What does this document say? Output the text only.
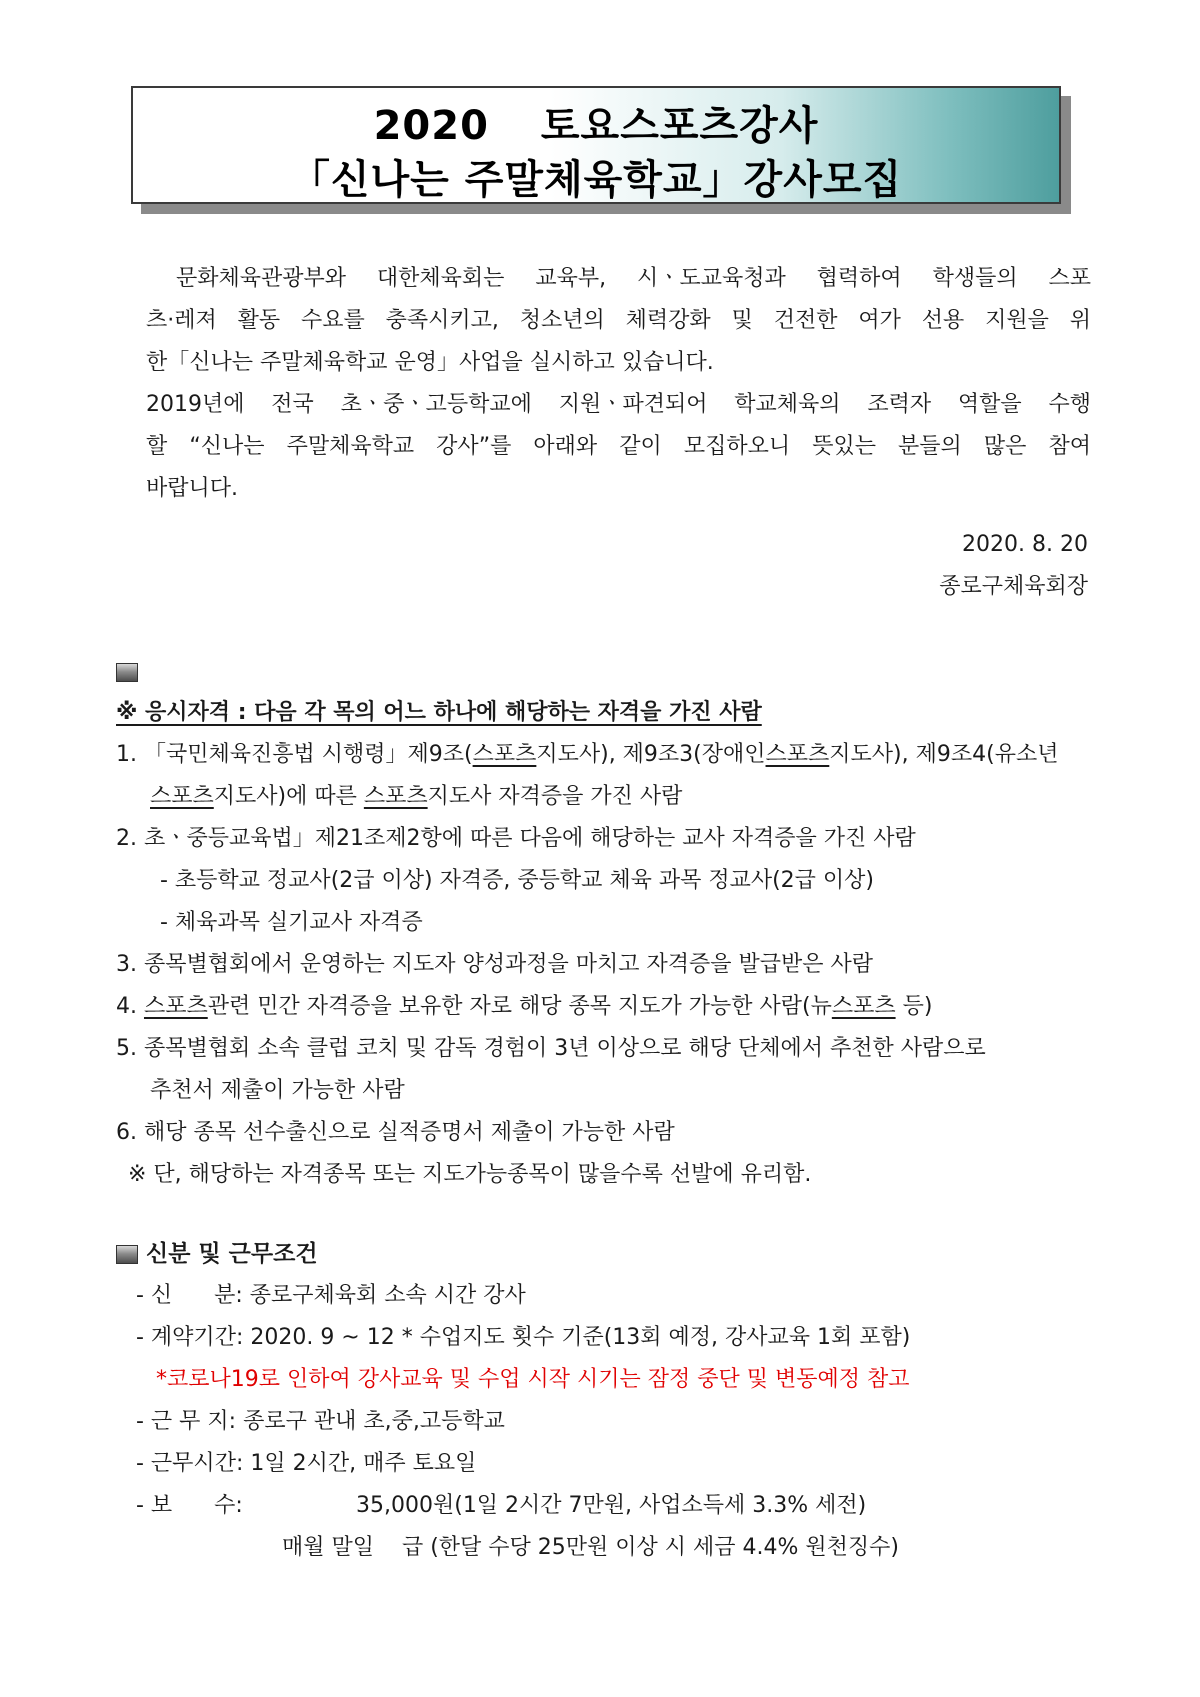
2020 토요스포츠강사
「신나는 주말체육학교」강사모집
문화체육관광부와 대한체육회는 교육부, 시ㆍ도교육청과 협력하여 학생들의 스포
츠·레져 활동 수요를 충족시키고, 청소년의 체력강화 및 건전한 여가 선용 지원을 위
한「신나는 주말체육학교 운영」사업을 실시하고 있습니다.
2019년에 전국 초ㆍ중ㆍ고등학교에 지원ㆍ파견되어 학교체육의 조력자 역할을 수행
할 “신나는 주말체육학교 강사”를 아래와 같이 모집하오니 뜻있는 분들의 많은 참여
바랍니다.
2020. 8. 20
종로구체육회장
※ 응시자격 : 다음 각 목의 어느 하나에 해당하는 자격을 가진 사람
1. 「국민체육진흥법 시행령」제9조(스포츠지도사), 제9조3(장애인스포츠지도사), 제9조4(유소년
스포츠지도사)에 따른 스포츠지도사 자격증을 가진 사람
2. 초ㆍ중등교육법」제21조제2항에 따른 다음에 해당하는 교사 자격증을 가진 사람
- 초등학교 정교사(2급 이상) 자격증, 중등학교 체육 과목 정교사(2급 이상)
- 체육과목 실기교사 자격증
3. 종목별협회에서 운영하는 지도자 양성과정을 마치고 자격증을 발급받은 사람
4. 스포츠관련 민간 자격증을 보유한 자로 해당 종목 지도가 가능한 사람(뉴스포츠 등)
5. 종목별협회 소속 클럽 코치 및 감독 경험이 3년 이상으로 해당 단체에서 추천한 사람으로
추천서 제출이 가능한 사람
6. 해당 종목 선수출신으로 실적증명서 제출이 가능한 사람
※ 단, 해당하는 자격종목 또는 지도가능종목이 많을수록 선발에 유리함.
신분 및 근무조건
- 신      분: 종로구체육회 소속 시간 강사
- 계약기간: 2020. 9 ~ 12 * 수업지도 횟수 기준(13회 예정, 강사교육 1회 포함)
*코로나19로 인하여 강사교육 및 수업 시작 시기는 잠정 중단 및 변동예정 참고
- 근 무 지: 종로구 관내 초,중,고등학교
- 근무시간: 1일 2시간, 매주 토요일
- 보      수:	35,000원(1일 2시간 7만원, 사업소득세 3.3% 세전)
매월 말일    급 (한달 수당 25만원 이상 시 세금 4.4% 원천징수)
